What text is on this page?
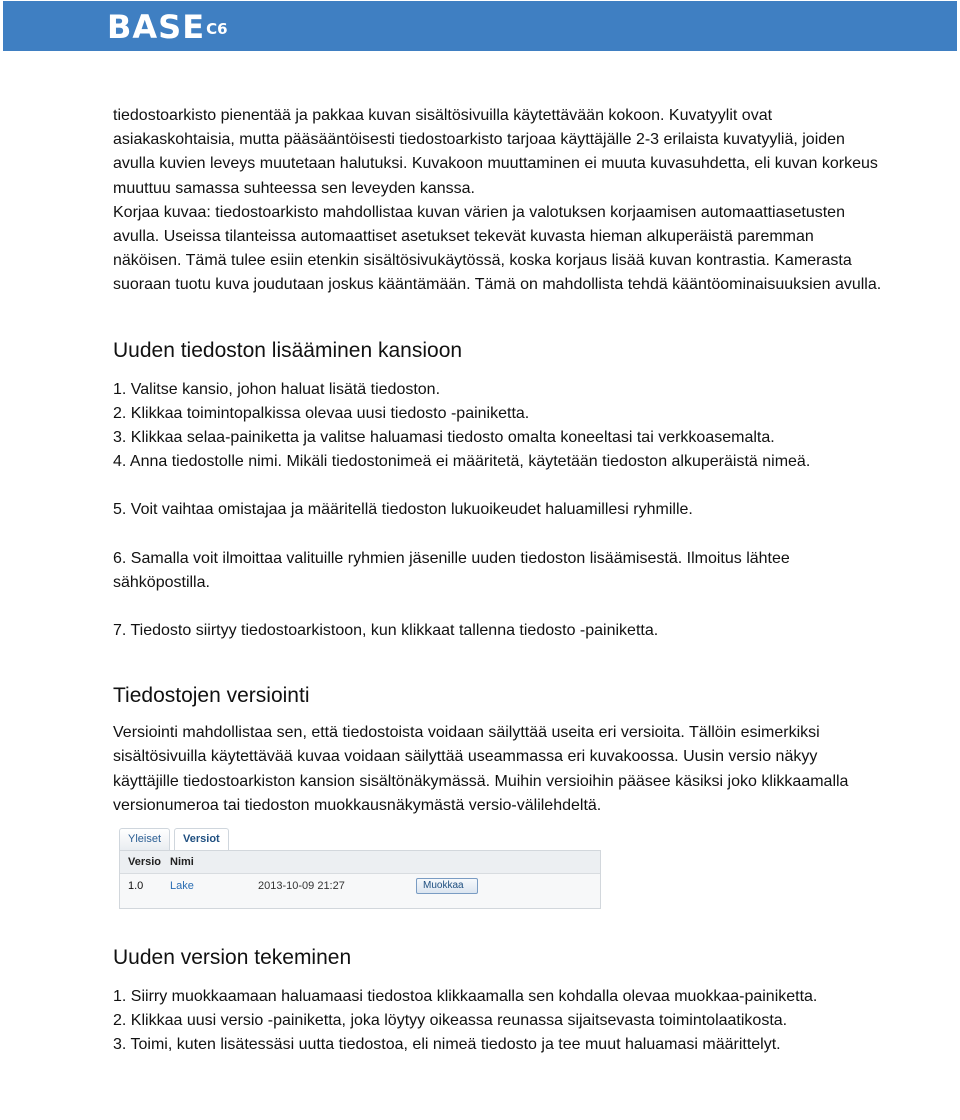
$BASE^{C6}$

tiedostoarkisto pienentää ja pakkaa kuvan sisältösivuilla käytettävään kokoon. Kuvatyylit ovat asiakaskohtaisia, mutta pääsääntöisesti tiedostoarkisto tarjoaa käyttäjälle 2-3 erilaista kuvatyyliä, joiden avulla kuvien leveys muutetaan halutuksi. Kuvakoon muuttaminen ei muuta kuvasuhdetta, eli kuvan korkeus muuttuu samassa suhteessa sen leveyden kanssa.

Korjaa kuvaa: tiedostoarkisto mahdollistaa kuvan värien ja valotuksen korjaamisen automaattiasetusten avulla. Useissa tilanteissa automaattiset asetukset tekevät kuvasta hieman alkuperäistä paremman näköisen. Tämä tulee esiin etenkin sisältösivukäytössä, koska korjaus lisää kuvan kontrastia. Kamerasta suoraan tuotu kuva joudutaan joskus kääntämään. Tämä on mahdollista tehdä kääntöominaisuuksien avulla.

Uuden tiedoston lisääminen kansioon

1. Valitse kansio, johon haluat lisätä tiedoston.

2. Klikkaa toimintopalkissa olevaa uusi tiedosto -painiketta.

3. Klikkaa selaa-painiketta ja valitse haluamasi tiedosto omalta koneeltasi tai verkkoasemalta.

4. Anna tiedostolle nimi. Mikäli tiedostonimeä ei määritetä, käytetään tiedoston alkuperäistä nimeä.

5. Voit vaihtaa omistajaa ja määritellä tiedoston lukuoikeudet haluamillesi ryhmille.

6. Samalla voit ilmoittaa valituille ryhmien jäsenille uuden tiedoston lisäämisestä. Ilmoitus lähtee sähköpostilla.

7. Tiedosto siirtyy tiedostoarkistoon, kun klikkaat tallenna tiedosto -painiketta.

Tiedostojen versiointi

Versiointi mahdollistaa sen, että tiedostoista voidaan säilyttää useita eri versioita. Tällöin esimerkiksi sisältösivuilla käytettävää kuvaa voidaan säilyttää useammassa eri kuvakoossa. Uusin versio näkyy käyttäjille tiedostoarkiston kansion sisältönäkymässä. Muihin versioihin pääsee käsiksi joko klikkaamalla versionumeroa tai tiedoston muokkausnäkymästä versio-välilehdeltä.

Yleiset	Versiot
Versio Nimi
1.0	Lake	2013-10-09 21:27	Muokkaa
Uuden version tekeminen

1. Siirry muokkaamaan haluamaasi tiedostoa klikkaamalla sen kohdalla olevaa muokkaa-painiketta.

2. Klikkaa uusi versio -painiketta, joka löytyy oikeassa reunassa sijaitsevasta toimintolaatikosta.

3. Toimi, kuten lisätessäsi uutta tiedostoa, eli nimeä tiedosto ja tee muut haluamasi määrittelyt.
